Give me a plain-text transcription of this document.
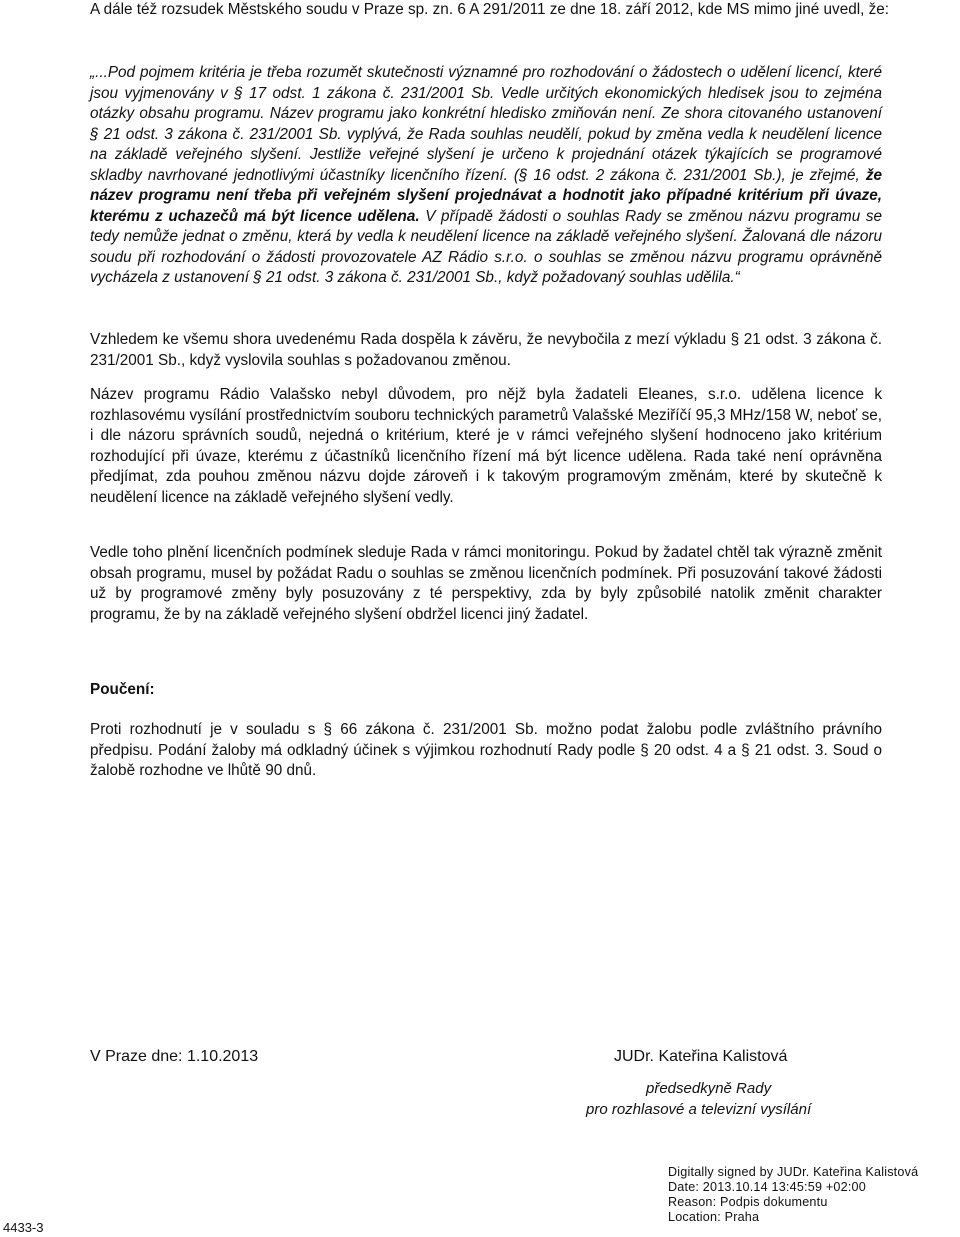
A dále též rozsudek Městského soudu v Praze sp. zn. 6 A 291/2011 ze dne 18. září 2012, kde MS mimo jiné uvedl, že:

„...Pod pojmem kritéria je třeba rozumět skutečnosti významné pro rozhodování o žádostech o udělení licencí, které jsou vyjmenovány v § 17 odst. 1 zákona č. 231/2001 Sb. Vedle určitých ekonomických hledisek jsou to zejména otázky obsahu programu. Název programu jako konkrétní hledisko zmiňován není. Ze shora citovaného ustanovení § 21 odst. 3 zákona č. 231/2001 Sb. vyplývá, že Rada souhlas neudělí, pokud by změna vedla k neudělení licence na základě veřejného slyšení. Jestliže veřejné slyšení je určeno k projednání otázek týkajících se programové skladby navrhované jednotlivými účastníky licenčního řízení. (§ 16 odst. 2 zákona č. 231/2001 Sb.), je zřejmé, že název programu není třeba při veřejném slyšení projednávat a hodnotit jako případné kritérium při úvaze, kterému z uchazečů má být licence udělena. V případě žádosti o souhlas Rady se změnou názvu programu se tedy nemůže jednat o změnu, která by vedla k neudělení licence na základě veřejného slyšení. Žalovaná dle názoru soudu při rozhodování o žádosti provozovatele AZ Rádio s.r.o. o souhlas se změnou názvu programu oprávněně vycházela z ustanovení § 21 odst. 3 zákona č. 231/2001 Sb., když požadovaný souhlas udělila.“

Vzhledem ke všemu shora uvedenému Rada dospěla k závěru, že nevybočila z mezí výkladu § 21 odst. 3 zákona č. 231/2001 Sb., když vyslovila souhlas s požadovanou změnou.

Název programu Rádio Valašsko nebyl důvodem, pro nějž byla žadateli Eleanes, s.r.o. udělena licence k rozhlasovému vysílání prostřednictvím souboru technických parametrů Valašské Meziříčí 95,3 MHz/158 W, neboť se, i dle názoru správních soudů, nejedná o kritérium, které je v rámci veřejného slyšení hodnoceno jako kritérium rozhodující při úvaze, kterému z účastníků licenčního řízení má být licence udělena. Rada také není oprávněna předjímat, zda pouhou změnou názvu dojde zároveň i k takovým programovým změnám, které by skutečně k neudělení licence na základě veřejného slyšení vedly.

Vedle toho plnění licenčních podmínek sleduje Rada v rámci monitoringu. Pokud by žadatel chtěl tak výrazně změnit obsah programu, musel by požádat Radu o souhlas se změnou licenčních podmínek. Při posuzování takové žádosti už by programové změny byly posuzovány z té perspektivy, zda by byly způsobilé natolik změnit charakter programu, že by na základě veřejného slyšení obdržel licenci jiný žadatel.

Poučení:

Proti rozhodnutí je v souladu s § 66 zákona č. 231/2001 Sb. možno podat žalobu podle zvláštního právního předpisu. Podání žaloby má odkladný účinek s výjimkou rozhodnutí Rady podle § 20 odst. 4 a § 21 odst. 3. Soud o žalobě rozhodne ve lhůtě 90 dnů.

V Praze dne: 1.10.2013	JUDr. Kateřina Kalistová
předsedkyně Rady
pro rozhlasové a televizní vysílání
Digitally signed by JUDr. Kateřina Kalistová
Date: 2013.10.14 13:45:59 +02:00
Reason: Podpis dokumentu
Location: Praha
4433-3
